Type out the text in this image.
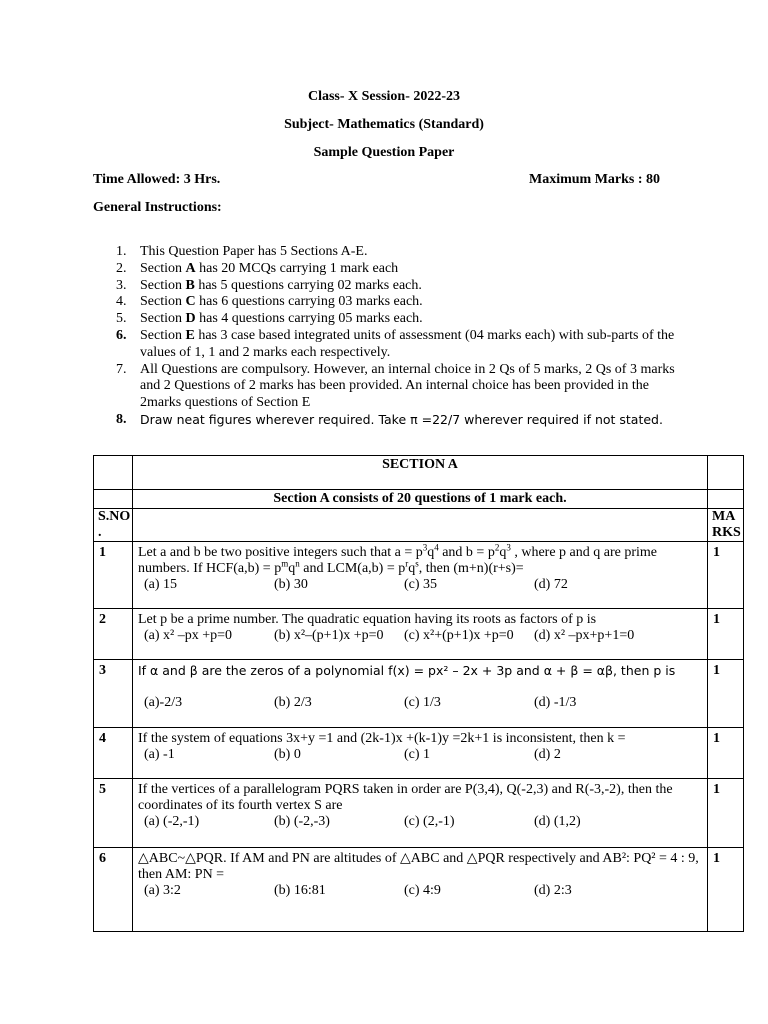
Class- X Session- 2022-23
Subject- Mathematics (Standard)
Sample Question Paper
Time Allowed: 3 Hrs.	Maximum Marks : 80
General Instructions:
1. This Question Paper has 5 Sections A-E.
2. Section A has 20 MCQs carrying 1 mark each
3. Section B has 5 questions carrying 02 marks each.
4. Section C has 6 questions carrying 03 marks each.
5. Section D has 4 questions carrying 05 marks each.
6. Section E has 3 case based integrated units of assessment (04 marks each) with sub-parts of the values of 1, 1 and 2 marks each respectively.
7. All Questions are compulsory. However, an internal choice in 2 Qs of 5 marks, 2 Qs of 3 marks and 2 Questions of 2 marks has been provided. An internal choice has been provided in the 2marks questions of Section E
8. Draw neat figures wherever required. Take π =22/7 wherever required if not stated.
	SECTION A	
	Section A consists of 20 questions of 1 mark each.	
S.NO .		MA RKS
1	Let a and b be two positive integers such that $a = p^3q^4$ and $b = p^2q^3$ , where p and q are prime numbers. If $HCF(a,b) = p^mq^n$ and $LCM(a,b) = p^rq^s$, then (m+n)(r+s)=
(a) 15 (b) 30 (c) 35 (d) 72	1
2	Let p be a prime number. The quadratic equation having its roots as factors of p is
(a) x² –px +p=0 (b) x²–(p+1)x +p=0 (c) x²+(p+1)x +p=0 (d) x² –px+p+1=0	1
3	If α and β are the zeros of a polynomial f(x) = px² – 2x + 3p and α + β = αβ, then p is
(a)-2/3 (b) 2/3 (c) 1/3 (d) -1/3	1
4	If the system of equations 3x+y =1 and (2k-1)x +(k-1)y =2k+1 is inconsistent, then k =
(a) -1 (b) 0 (c) 1 (d) 2	1
5	If the vertices of a parallelogram PQRS taken in order are P(3,4), Q(-2,3) and R(-3,-2), then the coordinates of its fourth vertex S are
(a) (-2,-1) (b) (-2,-3) (c) (2,-1) (d) (1,2)	1
6	△ABC~△PQR. If AM and PN are altitudes of △ABC and △PQR respectively and AB²: PQ² = 4 : 9, then AM: PN =
(a) 3:2 (b) 16:81 (c) 4:9 (d) 2:3	1
